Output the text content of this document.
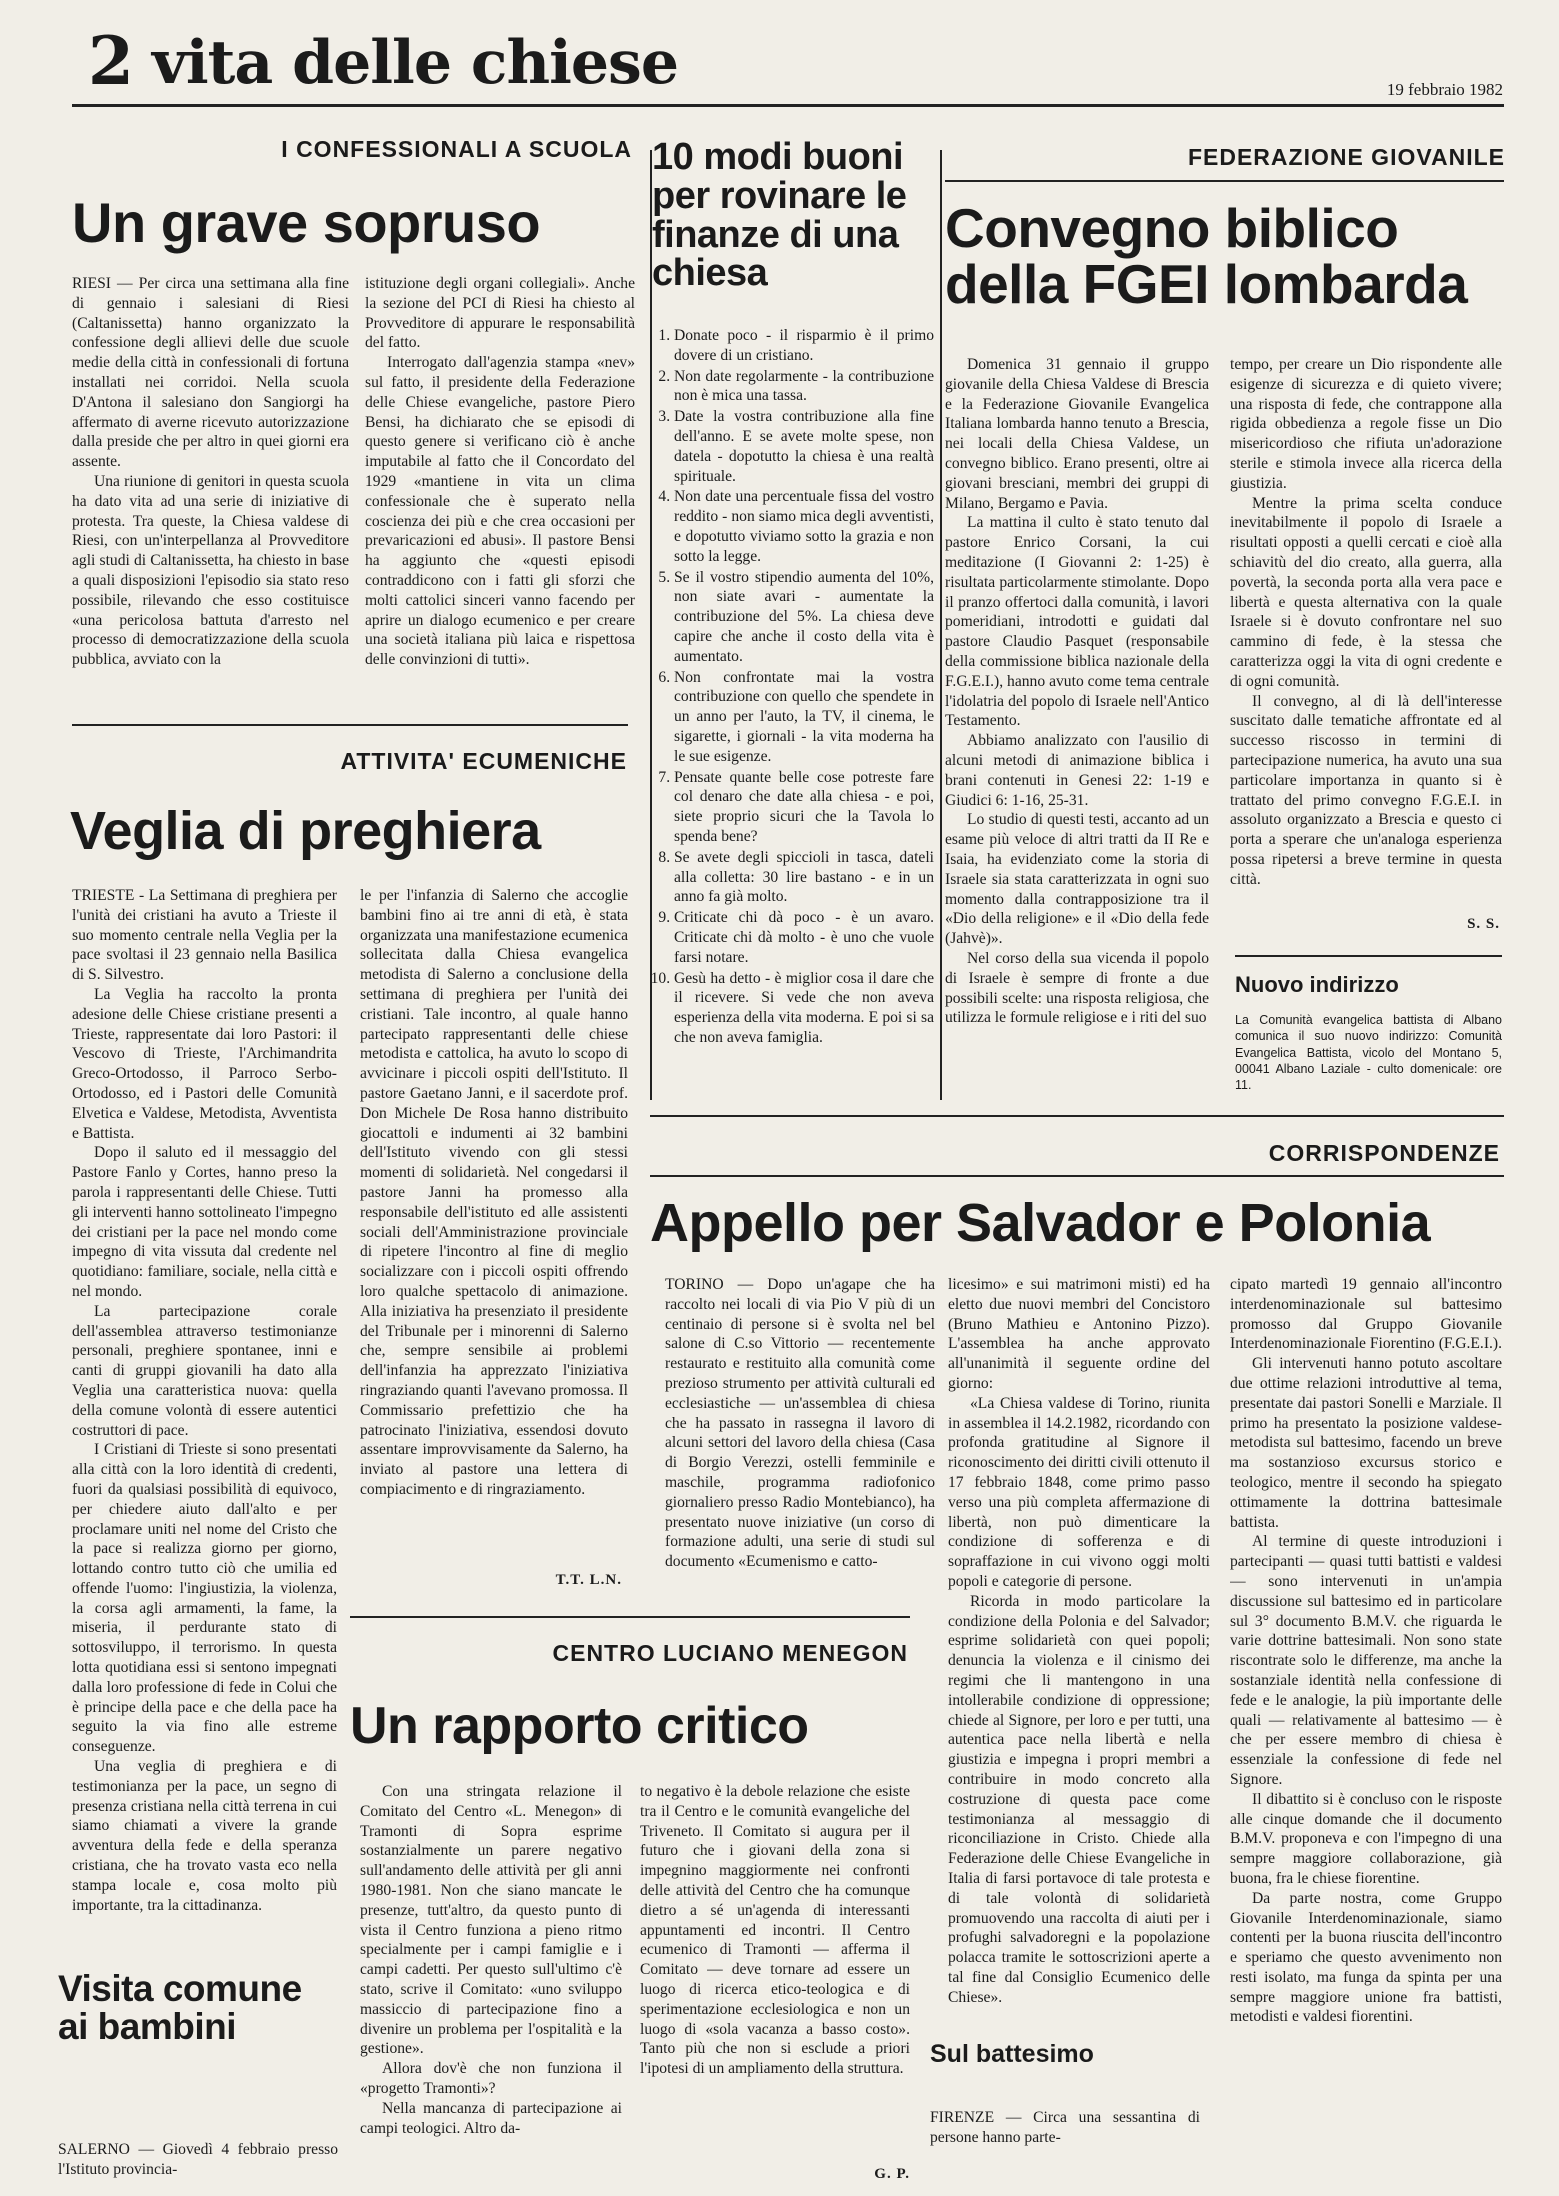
2 vita delle chiese	19 febbraio 1982
I CONFESSIONALI A SCUOLA
Un grave sopruso

RIESI — Per circa una settimana alla fine di gennaio i salesiani di Riesi (Caltanissetta) hanno organizzato la confessione degli allievi delle due scuole medie della città in confessionali di fortuna installati nei corridoi. Nella scuola D'Antona il salesiano don Sangiorgi ha affermato di averne ricevuto autorizzazione dalla preside che per altro in quei giorni era assente.

Una riunione di genitori in questa scuola ha dato vita ad una serie di iniziative di protesta. Tra queste, la Chiesa valdese di Riesi, con un'interpellanza al Provveditore agli studi di Caltanissetta, ha chiesto in base a quali disposizioni l'episodio sia stato reso possibile, rilevando che esso costituisce «una pericolosa battuta d'arresto nel processo di democratizzazione della scuola pubblica, avviato con la

istituzione degli organi collegiali». Anche la sezione del PCI di Riesi ha chiesto al Provveditore di appurare le responsabilità del fatto.

Interrogato dall'agenzia stampa «nev» sul fatto, il presidente della Federazione delle Chiese evangeliche, pastore Piero Bensi, ha dichiarato che se episodi di questo genere si verificano ciò è anche imputabile al fatto che il Concordato del 1929 «mantiene in vita un clima confessionale che è superato nella coscienza dei più e che crea occasioni per prevaricazioni ed abusi». Il pastore Bensi ha aggiunto che «questi episodi contraddicono con i fatti gli sforzi che molti cattolici sinceri vanno facendo per aprire un dialogo ecumenico e per creare una società italiana più laica e rispettosa delle convinzioni di tutti».

10 modi buoni per rovinare le finanze di una chiesa
1. Donate poco - il risparmio è il primo dovere di un cristiano.
2. Non date regolarmente - la contribuzione non è mica una tassa.
3. Date la vostra contribuzione alla fine dell'anno. E se avete molte spese, non datela - dopotutto la chiesa è una realtà spirituale.
4. Non date una percentuale fissa del vostro reddito - non siamo mica degli avventisti, e dopotutto viviamo sotto la grazia e non sotto la legge.
5. Se il vostro stipendio aumenta del 10%, non siate avari - aumentate la contribuzione del 5%. La chiesa deve capire che anche il costo della vita è aumentato.
6. Non confrontate mai la vostra contribuzione con quello che spendete in un anno per l'auto, la TV, il cinema, le sigarette, i giornali - la vita moderna ha le sue esigenze.
7. Pensate quante belle cose potreste fare col denaro che date alla chiesa - e poi, siete proprio sicuri che la Tavola lo spenda bene?
8. Se avete degli spiccioli in tasca, dateli alla colletta: 30 lire bastano - e in un anno fa già molto.
9. Criticate chi dà poco - è un avaro. Criticate chi dà molto - è uno che vuole farsi notare.
10. Gesù ha detto - è miglior cosa il dare che il ricevere. Si vede che non aveva esperienza della vita moderna. E poi si sa che non aveva famiglia.
FEDERAZIONE GIOVANILE
Convegno biblico della FGEI lombarda

Domenica 31 gennaio il gruppo giovanile della Chiesa Valdese di Brescia e la Federazione Giovanile Evangelica Italiana lombarda hanno tenuto a Brescia, nei locali della Chiesa Valdese, un convegno biblico. Erano presenti, oltre ai giovani bresciani, membri dei gruppi di Milano, Bergamo e Pavia.

La mattina il culto è stato tenuto dal pastore Enrico Corsani, la cui meditazione (I Giovanni 2: 1-25) è risultata particolarmente stimolante. Dopo il pranzo offertoci dalla comunità, i lavori pomeridiani, introdotti e guidati dal pastore Claudio Pasquet (responsabile della commissione biblica nazionale della F.G.E.I.), hanno avuto come tema centrale l'idolatria del popolo di Israele nell'Antico Testamento.

Abbiamo analizzato con l'ausilio di alcuni metodi di animazione biblica i brani contenuti in Genesi 22: 1-19 e Giudici 6: 1-16, 25-31.

Lo studio di questi testi, accanto ad un esame più veloce di altri tratti da II Re e Isaia, ha evidenziato come la storia di Israele sia stata caratterizzata in ogni suo momento dalla contrapposizione tra il «Dio della religione» e il «Dio della fede (Jahvè)».

Nel corso della sua vicenda il popolo di Israele è sempre di fronte a due possibili scelte: una risposta religiosa, che utilizza le formule religiose e i riti del suo

tempo, per creare un Dio rispondente alle esigenze di sicurezza e di quieto vivere; una risposta di fede, che contrappone alla rigida obbedienza a regole fisse un Dio misericordioso che rifiuta un'adorazione sterile e stimola invece alla ricerca della giustizia.

Mentre la prima scelta conduce inevitabilmente il popolo di Israele a risultati opposti a quelli cercati e cioè alla schiavitù del dio creato, alla guerra, alla povertà, la seconda porta alla vera pace e libertà e questa alternativa con la quale Israele si è dovuto confrontare nel suo cammino di fede, è la stessa che caratterizza oggi la vita di ogni credente e di ogni comunità.

Il convegno, al di là dell'interesse suscitato dalle tematiche affrontate ed al successo riscosso in termini di partecipazione numerica, ha avuto una sua particolare importanza in quanto si è trattato del primo convegno F.G.E.I. in assoluto organizzato a Brescia e questo ci porta a sperare che un'analoga esperienza possa ripetersi a breve termine in questa città.

S. S.
Nuovo indirizzo
La Comunità evangelica battista di Albano comunica il suo nuovo indirizzo: Comunità Evangelica Battista, vicolo del Montano 5, 00041 Albano Laziale - culto domenicale: ore 11.
ATTIVITA' ECUMENICHE
Veglia di preghiera

TRIESTE - La Settimana di preghiera per l'unità dei cristiani ha avuto a Trieste il suo momento centrale nella Veglia per la pace svoltasi il 23 gennaio nella Basilica di S. Silvestro.

La Veglia ha raccolto la pronta adesione delle Chiese cristiane presenti a Trieste, rappresentate dai loro Pastori: il Vescovo di Trieste, l'Archimandrita Greco-Ortodosso, il Parroco Serbo-Ortodosso, ed i Pastori delle Comunità Elvetica e Valdese, Metodista, Avventista e Battista.

Dopo il saluto ed il messaggio del Pastore Fanlo y Cortes, hanno preso la parola i rappresentanti delle Chiese. Tutti gli interventi hanno sottolineato l'impegno dei cristiani per la pace nel mondo come impegno di vita vissuta dal credente nel quotidiano: familiare, sociale, nella città e nel mondo.

La partecipazione corale dell'assemblea attraverso testimonianze personali, preghiere spontanee, inni e canti di gruppi giovanili ha dato alla Veglia una caratteristica nuova: quella della comune volontà di essere autentici costruttori di pace.

I Cristiani di Trieste si sono presentati alla città con la loro identità di credenti, fuori da qualsiasi possibilità di equivoco, per chiedere aiuto dall'alto e per proclamare uniti nel nome del Cristo che la pace si realizza giorno per giorno, lottando contro tutto ciò che umilia ed offende l'uomo: l'ingiustizia, la violenza, la corsa agli armamenti, la fame, la miseria, il perdurante stato di sottosviluppo, il terrorismo. In questa lotta quotidiana essi si sentono impegnati dalla loro professione di fede in Colui che è principe della pace e che della pace ha seguito la via fino alle estreme conseguenze.

Una veglia di preghiera e di testimonianza per la pace, un segno di presenza cristiana nella città terrena in cui siamo chiamati a vivere la grande avventura della fede e della speranza cristiana, che ha trovato vasta eco nella stampa locale e, cosa molto più importante, tra la cittadinanza.

Visita comune ai bambini

SALERNO — Giovedì 4 febbraio presso l'Istituto provincia-

le per l'infanzia di Salerno che accoglie bambini fino ai tre anni di età, è stata organizzata una manifestazione ecumenica sollecitata dalla Chiesa evangelica metodista di Salerno a conclusione della settimana di preghiera per l'unità dei cristiani. Tale incontro, al quale hanno partecipato rappresentanti delle chiese metodista e cattolica, ha avuto lo scopo di avvicinare i piccoli ospiti dell'Istituto. Il pastore Gaetano Janni, e il sacerdote prof. Don Michele De Rosa hanno distribuito giocattoli e indumenti ai 32 bambini dell'Istituto vivendo con gli stessi momenti di solidarietà. Nel congedarsi il pastore Janni ha promesso alla responsabile dell'istituto ed alle assistenti sociali dell'Amministrazione provinciale di ripetere l'incontro al fine di meglio socializzare con i piccoli ospiti offrendo loro qualche spettacolo di animazione. Alla iniziativa ha presenziato il presidente del Tribunale per i minorenni di Salerno che, sempre sensibile ai problemi dell'infanzia ha apprezzato l'iniziativa ringraziando quanti l'avevano promossa. Il Commissario prefettizio che ha patrocinato l'iniziativa, essendosi dovuto assentare improvvisamente da Salerno, ha inviato al pastore una lettera di compiacimento e di ringraziamento.

T.T. L.N.
CENTRO LUCIANO MENEGON
Un rapporto critico

Con una stringata relazione il Comitato del Centro «L. Menegon» di Tramonti di Sopra esprime sostanzialmente un parere negativo sull'andamento delle attività per gli anni 1980-1981. Non che siano mancate le presenze, tutt'altro, da questo punto di vista il Centro funziona a pieno ritmo specialmente per i campi famiglie e i campi cadetti. Per questo sull'ultimo c'è stato, scrive il Comitato: «uno sviluppo massiccio di partecipazione fino a divenire un problema per l'ospitalità e la gestione».

Allora dov'è che non funziona il «progetto Tramonti»?

Nella mancanza di partecipazione ai campi teologici. Altro da-

to negativo è la debole relazione che esiste tra il Centro e le comunità evangeliche del Triveneto. Il Comitato si augura per il futuro che i giovani della zona si impegnino maggiormente nei confronti delle attività del Centro che ha comunque dietro a sé un'agenda di interessanti appuntamenti ed incontri. Il Centro ecumenico di Tramonti — afferma il Comitato — deve tornare ad essere un luogo di ricerca etico-teologica e di sperimentazione ecclesiologica e non un luogo di «sola vacanza a basso costo». Tanto più che non si esclude a priori l'ipotesi di un ampliamento della struttura.

G. P.
CORRISPONDENZE
Appello per Salvador e Polonia

TORINO — Dopo un'agape che ha raccolto nei locali di via Pio V più di un centinaio di persone si è svolta nel bel salone di C.so Vittorio — recentemente restaurato e restituito alla comunità come prezioso strumento per attività culturali ed ecclesiastiche — un'assemblea di chiesa che ha passato in rassegna il lavoro di alcuni settori del lavoro della chiesa (Casa di Borgio Verezzi, ostelli femminile e maschile, programma radiofonico giornaliero presso Radio Montebianco), ha presentato nuove iniziative (un corso di formazione adulti, una serie di studi sul documento «Ecumenismo e catto-

licesimo» e sui matrimoni misti) ed ha eletto due nuovi membri del Concistoro (Bruno Mathieu e Antonino Pizzo). L'assemblea ha anche approvato all'unanimità il seguente ordine del giorno:

«La Chiesa valdese di Torino, riunita in assemblea il 14.2.1982, ricordando con profonda gratitudine al Signore il riconoscimento dei diritti civili ottenuto il 17 febbraio 1848, come primo passo verso una più completa affermazione di libertà, non può dimenticare la condizione di sofferenza e di sopraffazione in cui vivono oggi molti popoli e categorie di persone.

Ricorda in modo particolare la condizione della Polonia e del Salvador; esprime solidarietà con quei popoli; denuncia la violenza e il cinismo dei regimi che li mantengono in una intollerabile condizione di oppressione; chiede al Signore, per loro e per tutti, una autentica pace nella libertà e nella giustizia e impegna i propri membri a contribuire in modo concreto alla costruzione di questa pace come testimonianza al messaggio di riconciliazione in Cristo. Chiede alla Federazione delle Chiese Evangeliche in Italia di farsi portavoce di tale protesta e di tale volontà di solidarietà promuovendo una raccolta di aiuti per i profughi salvadoregni e la popolazione polacca tramite le sottoscrizioni aperte a tal fine dal Consiglio Ecumenico delle Chiese».

Sul battesimo

FIRENZE — Circa una sessantina di persone hanno parte-

cipato martedì 19 gennaio all'incontro interdenominazionale sul battesimo promosso dal Gruppo Giovanile Interdenominazionale Fiorentino (F.G.E.I.).

Gli intervenuti hanno potuto ascoltare due ottime relazioni introduttive al tema, presentate dai pastori Sonelli e Marziale. Il primo ha presentato la posizione valdese-metodista sul battesimo, facendo un breve ma sostanzioso excursus storico e teologico, mentre il secondo ha spiegato ottimamente la dottrina battesimale battista.

Al termine di queste introduzioni i partecipanti — quasi tutti battisti e valdesi — sono intervenuti in un'ampia discussione sul battesimo ed in particolare sul 3° documento B.M.V. che riguarda le varie dottrine battesimali. Non sono state riscontrate solo le differenze, ma anche la sostanziale identità nella confessione di fede e le analogie, la più importante delle quali — relativamente al battesimo — è che per essere membro di chiesa è essenziale la confessione di fede nel Signore.

Il dibattito si è concluso con le risposte alle cinque domande che il documento B.M.V. proponeva e con l'impegno di una sempre maggiore collaborazione, già buona, fra le chiese fiorentine.

Da parte nostra, come Gruppo Giovanile Interdenominazionale, siamo contenti per la buona riuscita dell'incontro e speriamo che questo avvenimento non resti isolato, ma funga da spinta per una sempre maggiore unione fra battisti, metodisti e valdesi fiorentini.
